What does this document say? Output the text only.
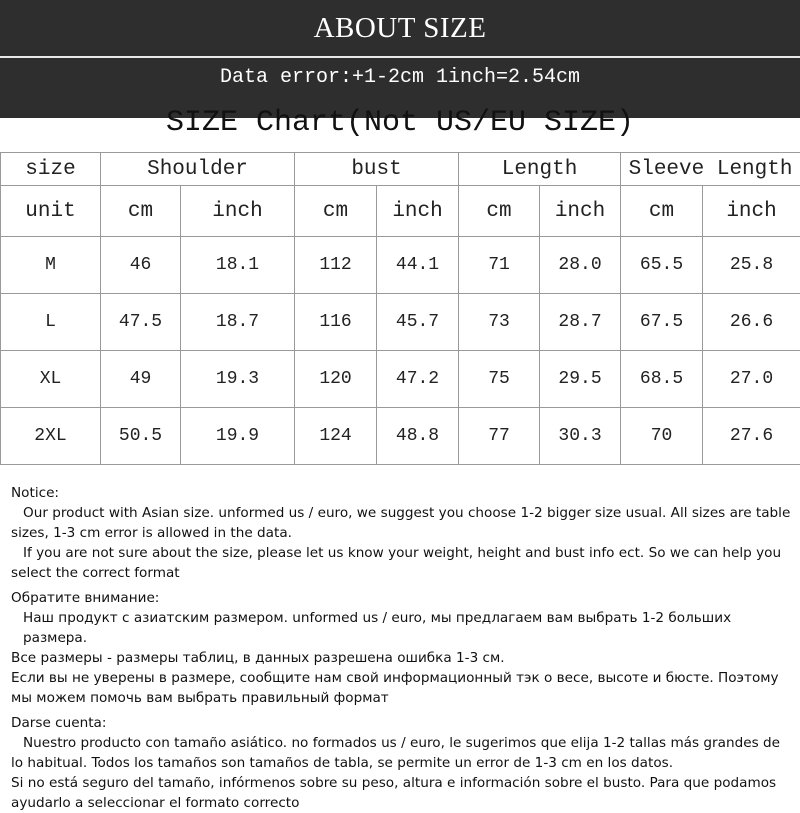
ABOUT SIZE
Data error:+1-2cm 1inch=2.54cm
SIZE Chart(Not US/EU SIZE)
size	Shoulder		bust		Length		Sleeve Length	
unit	cm	inch	cm	inch	cm	inch	cm	inch
M	46	18.1	112	44.1	71	28.0	65.5	25.8
L	47.5	18.7	116	45.7	73	28.7	67.5	26.6
XL	49	19.3	120	47.2	75	29.5	68.5	27.0
2XL	50.5	19.9	124	48.8	77	30.3	70	27.6

Notice:

Our product with Asian size. unformed us / euro, we suggest you choose 1-2 bigger size usual. All sizes are table

sizes, 1-3 cm error is allowed in the data.

If you are not sure about the size, please let us know your weight, height and bust info ect. So we can help you

select the correct format

Обратите внимание:

Наш продукт с азиатским размером. unformed us / euro, мы предлагаем вам выбрать 1-2 больших размера.

Все размеры - размеры таблиц, в данных разрешена ошибка 1-3 см.

Если вы не уверены в размере, сообщите нам свой информационный тэк о весе, высоте и бюсте. Поэтому

мы можем помочь вам выбрать правильный формат

Darse cuenta:

Nuestro producto con tamaño asiático. no formados us / euro, le sugerimos que elija 1-2 tallas más grandes de

lo habitual. Todos los tamaños son tamaños de tabla, se permite un error de 1-3 cm en los datos.

Si no está seguro del tamaño, infórmenos sobre su peso, altura e información sobre el busto. Para que podamos

ayudarlo a seleccionar el formato correcto
